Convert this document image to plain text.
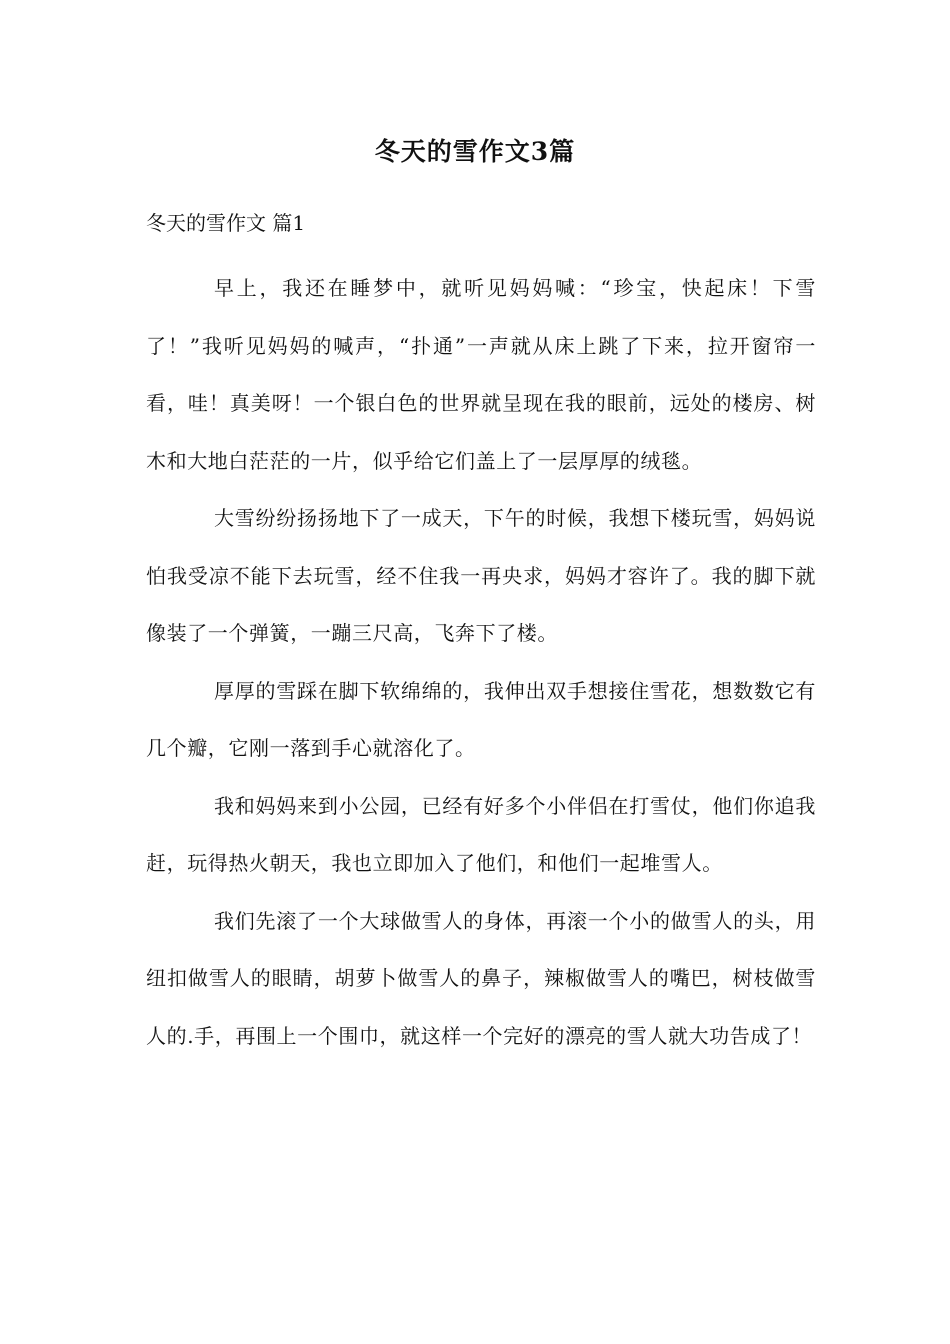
冬天的雪作文3篇
冬天的雪作文 篇1

早上，我还在睡梦中，就听见妈妈喊：“珍宝，快起床！下雪了！”我听见妈妈的喊声，“扑通”一声就从床上跳了下来，拉开窗帘一看，哇！真美呀！一个银白色的世界就呈现在我的眼前，远处的楼房、树木和大地白茫茫的一片，似乎给它们盖上了一层厚厚的绒毯。

大雪纷纷扬扬地下了一成天，下午的时候，我想下楼玩雪，妈妈说怕我受凉不能下去玩雪，经不住我一再央求，妈妈才容许了。我的脚下就像装了一个弹簧，一蹦三尺高，飞奔下了楼。

厚厚的雪踩在脚下软绵绵的，我伸出双手想接住雪花，想数数它有几个瓣，它刚一落到手心就溶化了。

我和妈妈来到小公园，已经有好多个小伴侣在打雪仗，他们你追我赶，玩得热火朝天，我也立即加入了他们，和他们一起堆雪人。

我们先滚了一个大球做雪人的身体，再滚一个小的做雪人的头，用纽扣做雪人的眼睛，胡萝卜做雪人的鼻子，辣椒做雪人的嘴巴，树枝做雪人的.手，再围上一个围巾，就这样一个完好的漂亮的雪人就大功告成了！
